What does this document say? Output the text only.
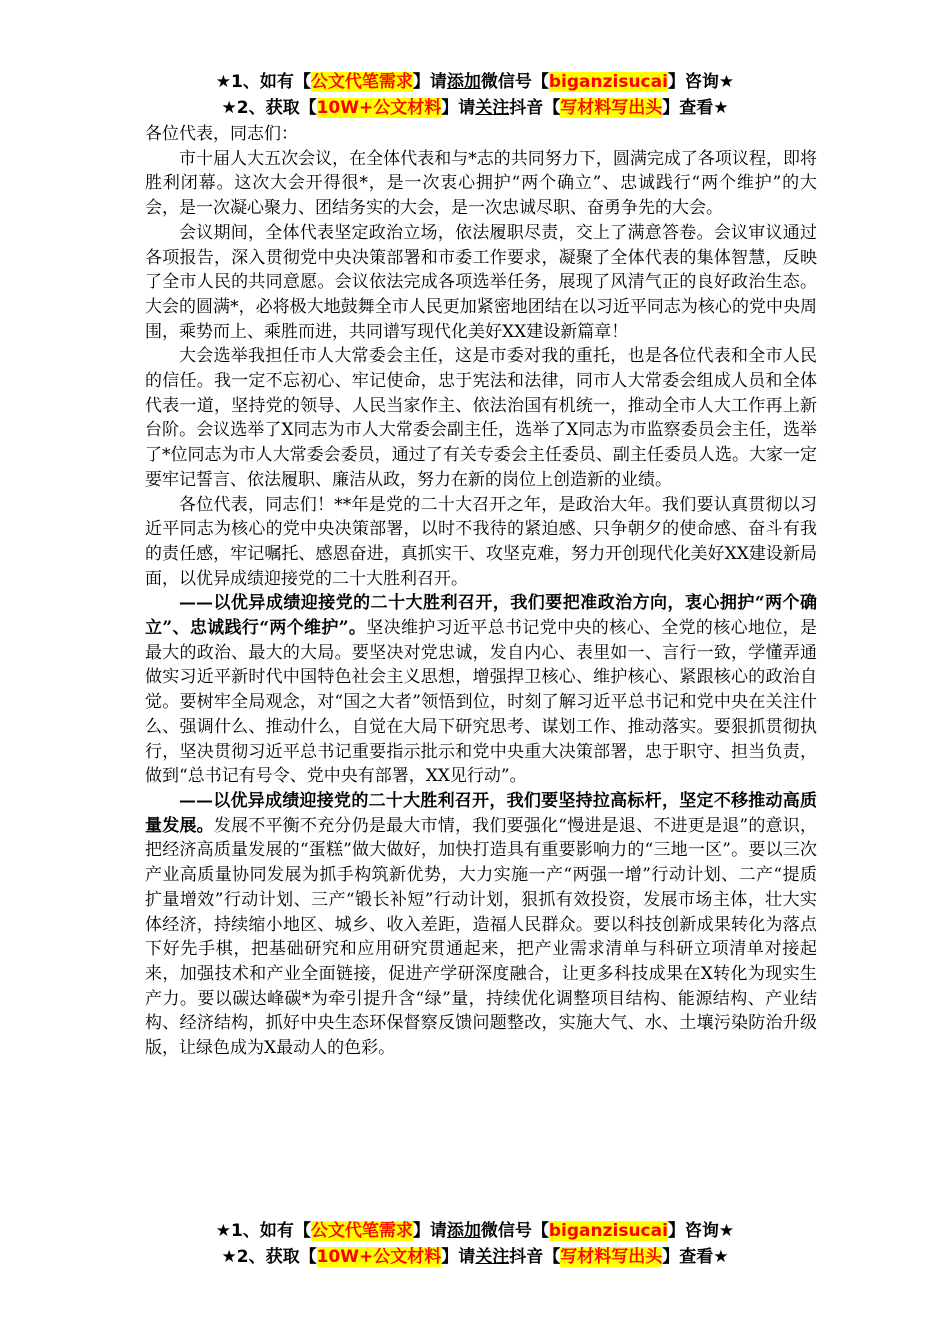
★1、如有【公文代笔需求】请添加微信号【biganzisucai】咨询★
★2、获取【10W+公文材料】请关注抖音【写材料写出头】查看★

各位代表，同志们：

市十届人大五次会议，在全体代表和与*志的共同努力下，圆满完成了各项议程，即将胜利闭幕。这次大会开得很*，是一次衷心拥护“两个确立”、忠诚践行“两个维护”的大会，是一次凝心聚力、团结务实的大会，是一次忠诚尽职、奋勇争先的大会。

会议期间，全体代表坚定政治立场，依法履职尽责，交上了满意答卷。会议审议通过各项报告，深入贯彻党中央决策部署和市委工作要求，凝聚了全体代表的集体智慧，反映了全市人民的共同意愿。会议依法完成各项选举任务，展现了风清气正的良好政治生态。大会的圆满*，必将极大地鼓舞全市人民更加紧密地团结在以习近平同志为核心的党中央周围，乘势而上、乘胜而进，共同谱写现代化美好XX建设新篇章！

大会选举我担任市人大常委会主任，这是市委对我的重托，也是各位代表和全市人民的信任。我一定不忘初心、牢记使命，忠于宪法和法律，同市人大常委会组成人员和全体代表一道，坚持党的领导、人民当家作主、依法治国有机统一，推动全市人大工作再上新台阶。会议选举了X同志为市人大常委会副主任，选举了X同志为市监察委员会主任，选举了*位同志为市人大常委会委员，通过了有关专委会主任委员、副主任委员人选。大家一定要牢记誓言、依法履职、廉洁从政，努力在新的岗位上创造新的业绩。

各位代表，同志们！**年是党的二十大召开之年，是政治大年。我们要认真贯彻以习近平同志为核心的党中央决策部署，以时不我待的紧迫感、只争朝夕的使命感、奋斗有我的责任感，牢记嘱托、感恩奋进，真抓实干、攻坚克难，努力开创现代化美好XX建设新局面，以优异成绩迎接党的二十大胜利召开。

——以优异成绩迎接党的二十大胜利召开，我们要把准政治方向，衷心拥护“两个确立”、忠诚践行“两个维护”。坚决维护习近平总书记党中央的核心、全党的核心地位，是最大的政治、最大的大局。要坚决对党忠诚，发自内心、表里如一、言行一致，学懂弄通做实习近平新时代中国特色社会主义思想，增强捍卫核心、维护核心、紧跟核心的政治自觉。要树牢全局观念，对“国之大者”领悟到位，时刻了解习近平总书记和党中央在关注什么、强调什么、推动什么，自觉在大局下研究思考、谋划工作、推动落实。要狠抓贯彻执行，坚决贯彻习近平总书记重要指示批示和党中央重大决策部署，忠于职守、担当负责，做到“总书记有号令、党中央有部署，XX见行动”。

——以优异成绩迎接党的二十大胜利召开，我们要坚持拉高标杆，坚定不移推动高质量发展。发展不平衡不充分仍是最大市情，我们要强化“慢进是退、不进更是退”的意识，把经济高质量发展的“蛋糕”做大做好，加快打造具有重要影响力的“三地一区”。要以三次产业高质量协同发展为抓手构筑新优势，大力实施一产“两强一增”行动计划、二产“提质扩量增效”行动计划、三产“锻长补短”行动计划，狠抓有效投资，发展市场主体，壮大实体经济，持续缩小地区、城乡、收入差距，造福人民群众。要以科技创新成果转化为落点下好先手棋，把基础研究和应用研究贯通起来，把产业需求清单与科研立项清单对接起来，加强技术和产业全面链接，促进产学研深度融合，让更多科技成果在X转化为现实生产力。要以碳达峰碳*为牵引提升含“绿”量，持续优化调整项目结构、能源结构、产业结构、经济结构，抓好中央生态环保督察反馈问题整改，实施大气、水、土壤污染防治升级版，让绿色成为X最动人的色彩。

★1、如有【公文代笔需求】请添加微信号【biganzisucai】咨询★
★2、获取【10W+公文材料】请关注抖音【写材料写出头】查看★
